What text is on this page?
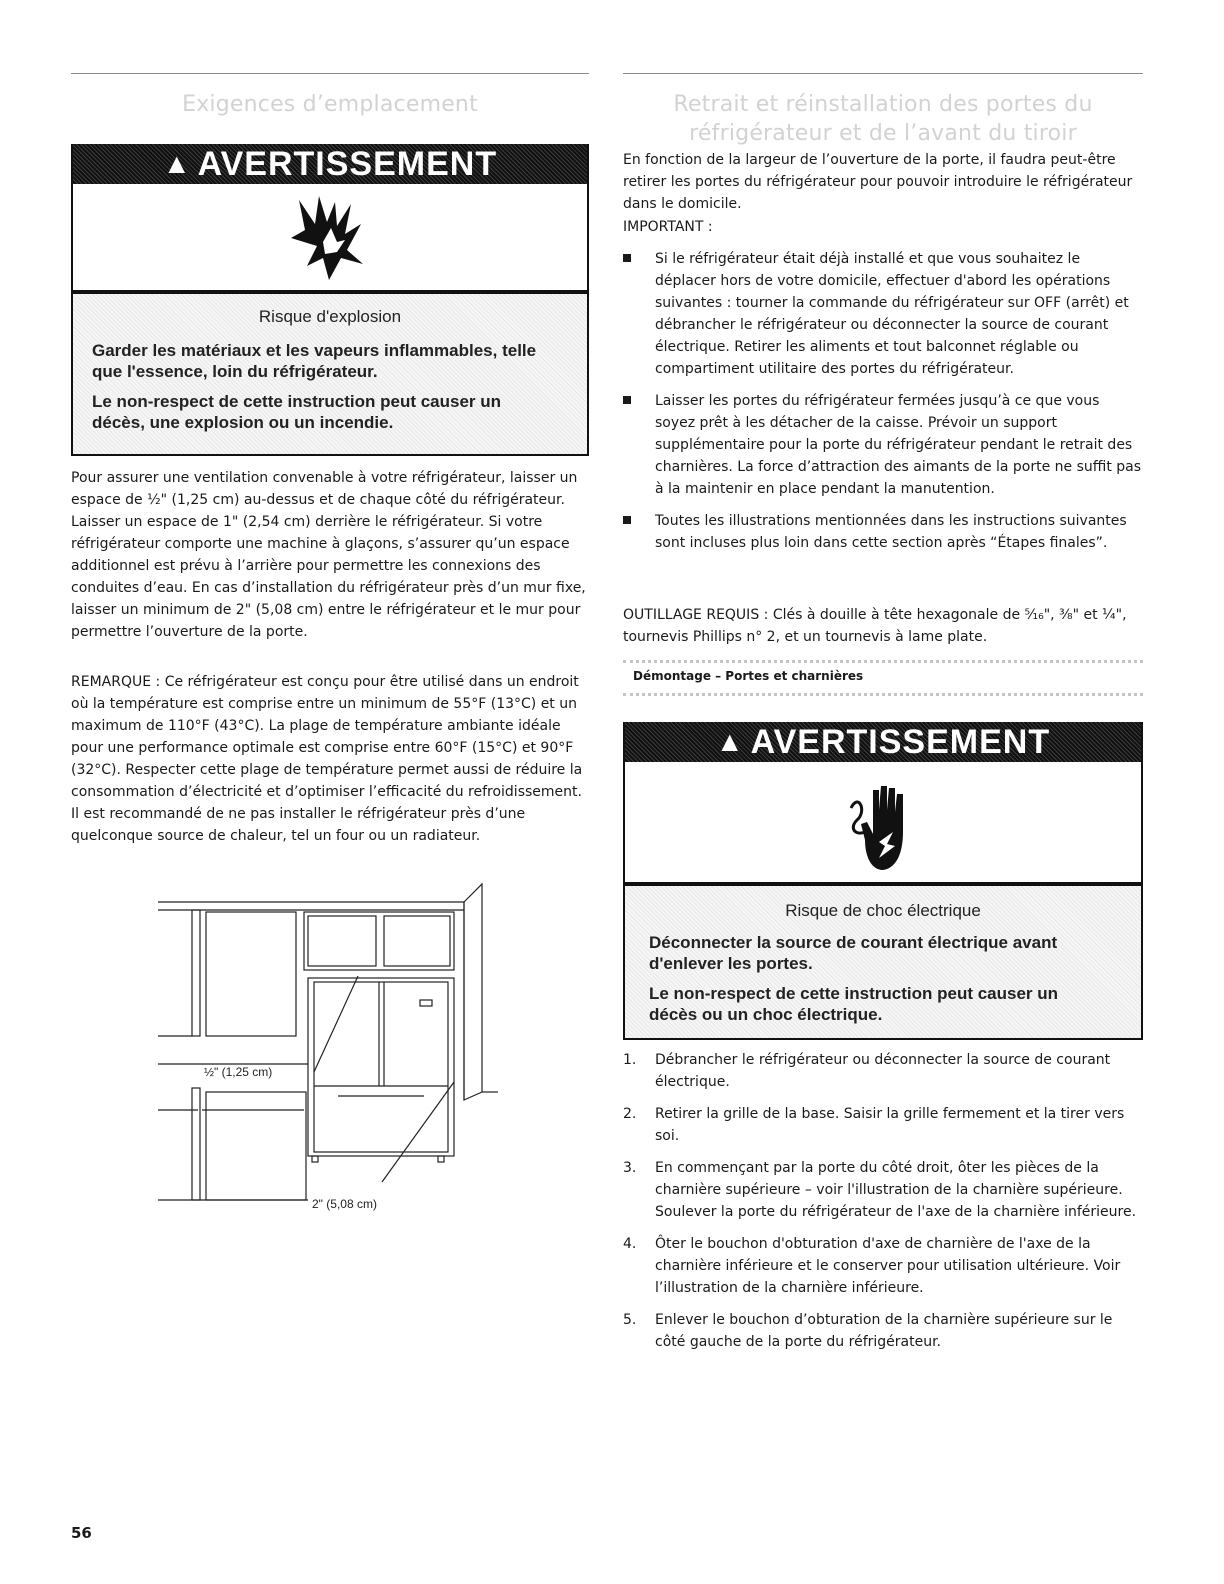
Exigences d’emplacement
▲ AVERTISSEMENT

Risque d'explosion

Garder les matériaux et les vapeurs inflammables, telle que l'essence, loin du réfrigérateur.

Le non-respect de cette instruction peut causer un décès, une explosion ou un incendie.

Pour assurer une ventilation convenable à votre réfrigérateur, laisser un espace de ½" (1,25 cm) au-dessus et de chaque côté du réfrigérateur. Laisser un espace de 1" (2,54 cm) derrière le réfrigérateur. Si votre réfrigérateur comporte une machine à glaçons, s’assurer qu’un espace additionnel est prévu à l’arrière pour permettre les connexions des conduites d’eau. En cas d’installation du réfrigérateur près d’un mur fixe, laisser un minimum de 2" (5,08 cm) entre le réfrigérateur et le mur pour permettre l’ouverture de la porte.

REMARQUE : Ce réfrigérateur est conçu pour être utilisé dans un endroit où la température est comprise entre un minimum de 55°F (13°C) et un maximum de 110°F (43°C). La plage de température ambiante idéale pour une performance optimale est comprise entre 60°F (15°C) et 90°F (32°C). Respecter cette plage de température permet aussi de réduire la consommation d’électricité et d’optimiser l’efficacité du refroidissement. Il est recommandé de ne pas installer le réfrigérateur près d’une quelconque source de chaleur, tel un four ou un radiateur.

½" (1,25 cm)
2" (5,08 cm)
Retrait et réinstallation des portes du réfrigérateur et de l’avant du tiroir

En fonction de la largeur de l’ouverture de la porte, il faudra peut-être retirer les portes du réfrigérateur pour pouvoir introduire le réfrigérateur dans le domicile.

IMPORTANT :

Si le réfrigérateur était déjà installé et que vous souhaitez le déplacer hors de votre domicile, effectuer d'abord les opérations suivantes : tourner la commande du réfrigérateur sur OFF (arrêt) et débrancher le réfrigérateur ou déconnecter la source de courant électrique. Retirer les aliments et tout balconnet réglable ou compartiment utilitaire des portes du réfrigérateur.
Laisser les portes du réfrigérateur fermées jusqu’à ce que vous soyez prêt à les détacher de la caisse. Prévoir un support supplémentaire pour la porte du réfrigérateur pendant le retrait des charnières. La force d’attraction des aimants de la porte ne suffit pas à la maintenir en place pendant la manutention.
Toutes les illustrations mentionnées dans les instructions suivantes sont incluses plus loin dans cette section après “Étapes finales”.

OUTILLAGE REQUIS : Clés à douille à tête hexagonale de ⁵⁄₁₆", ³⁄₈" et ¼", tournevis Phillips n° 2, et un tournevis à lame plate.

Démontage – Portes et charnières
▲ AVERTISSEMENT

Risque de choc électrique

Déconnecter la source de courant électrique avant d'enlever les portes.

Le non-respect de cette instruction peut causer un décès ou un choc électrique.

1. Débrancher le réfrigérateur ou déconnecter la source de courant électrique.
2. Retirer la grille de la base. Saisir la grille fermement et la tirer vers soi.
3. En commençant par la porte du côté droit, ôter les pièces de la charnière supérieure – voir l'illustration de la charnière supérieure. Soulever la porte du réfrigérateur de l'axe de la charnière inférieure.
4. Ôter le bouchon d'obturation d'axe de charnière de l'axe de la charnière inférieure et le conserver pour utilisation ultérieure. Voir l’illustration de la charnière inférieure.
5. Enlever le bouchon d’obturation de la charnière supérieure sur le côté gauche de la porte du réfrigérateur.
56
